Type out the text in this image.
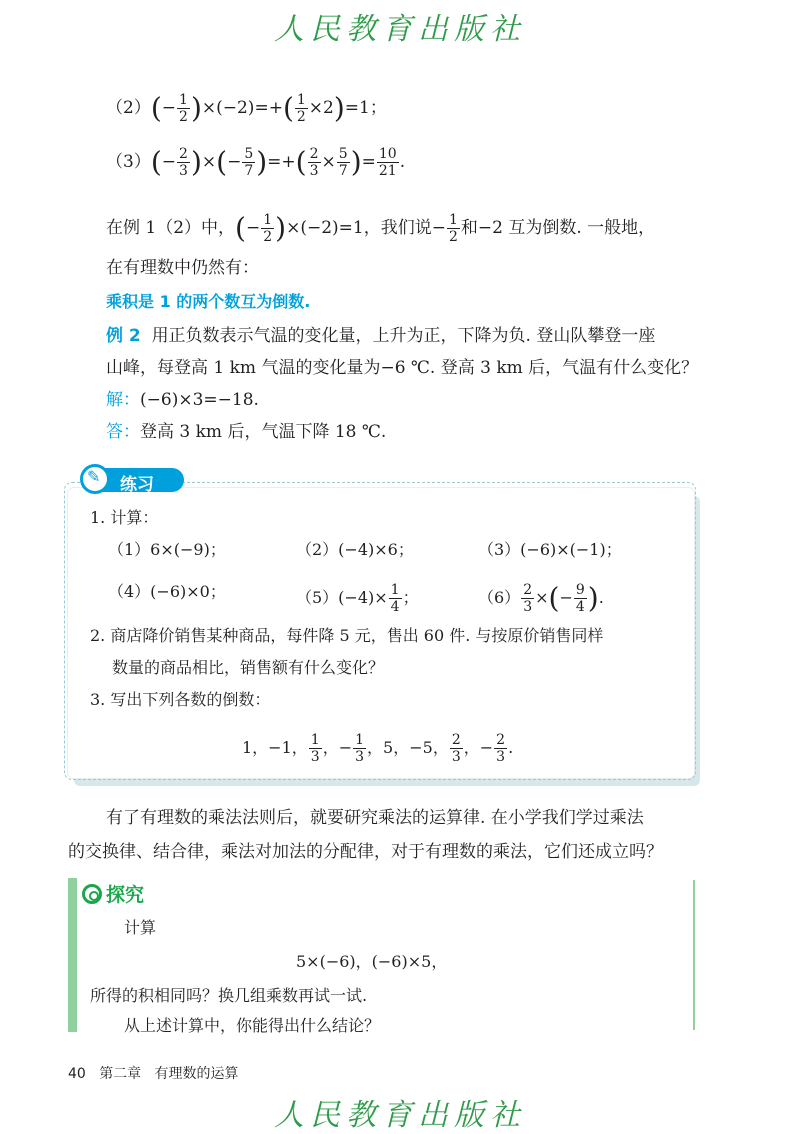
人民教育出版社
$(2)(- \frac{1}{2} )\times(-2)=+( \frac{1}{2} \times 2)=1$；
$(3)(- \frac{2}{3}$ )×(− $\frac{5}{7}$ )=+( $\frac{2}{3} \times \frac{5}{7}$ )= $\frac{10}{21}$ .
在例 1（2）中，(− $\frac{1}{2} )\times(-2)=1$，我们说− $\frac{1}{2}$ 和−2 互为倒数. 一般地，
在有理数中仍然有：
乘积是 1 的两个数互为倒数.
例 2 用正负数表示气温的变化量，上升为正，下降为负. 登山队攀登一座
山峰，每登高 1 km 气温的变化量为−6 ℃. 登高 3 km 后，气温有什么变化？
解：(−6)×3=−18.
答：登高 3 km 后，气温下降 18 ℃.
✎
练习
1. 计算：
（1）6×(−9)；	（2）(−4)×6；	（3）(−6)×(−1)；
（4）(−6)×0；	$(5)(-4)\times \frac{1}{4}$ ；	$(6) \frac{2}{3}$ ×(− $\frac{9}{4}$ ).
2. 商店降价销售某种商品，每件降 5 元，售出 60 件. 与按原价销售同样
数量的商品相比，销售额有什么变化？
3. 写出下列各数的倒数：
1，−1， $\frac{1}{3}$ ，− $\frac{1}{3}$ ，5，−5， $\frac{2}{3}$ ，− $\frac{2}{3}$ .
有了有理数的乘法法则后，就要研究乘法的运算律. 在小学我们学过乘法
的交换律、结合律，乘法对加法的分配律，对于有理数的乘法，它们还成立吗？
探究
计算
5×(−6)，(−6)×5，
所得的积相同吗？换几组乘数再试一试.
从上述计算中，你能得出什么结论？
40 第二章 有理数的运算
人民教育出版社
